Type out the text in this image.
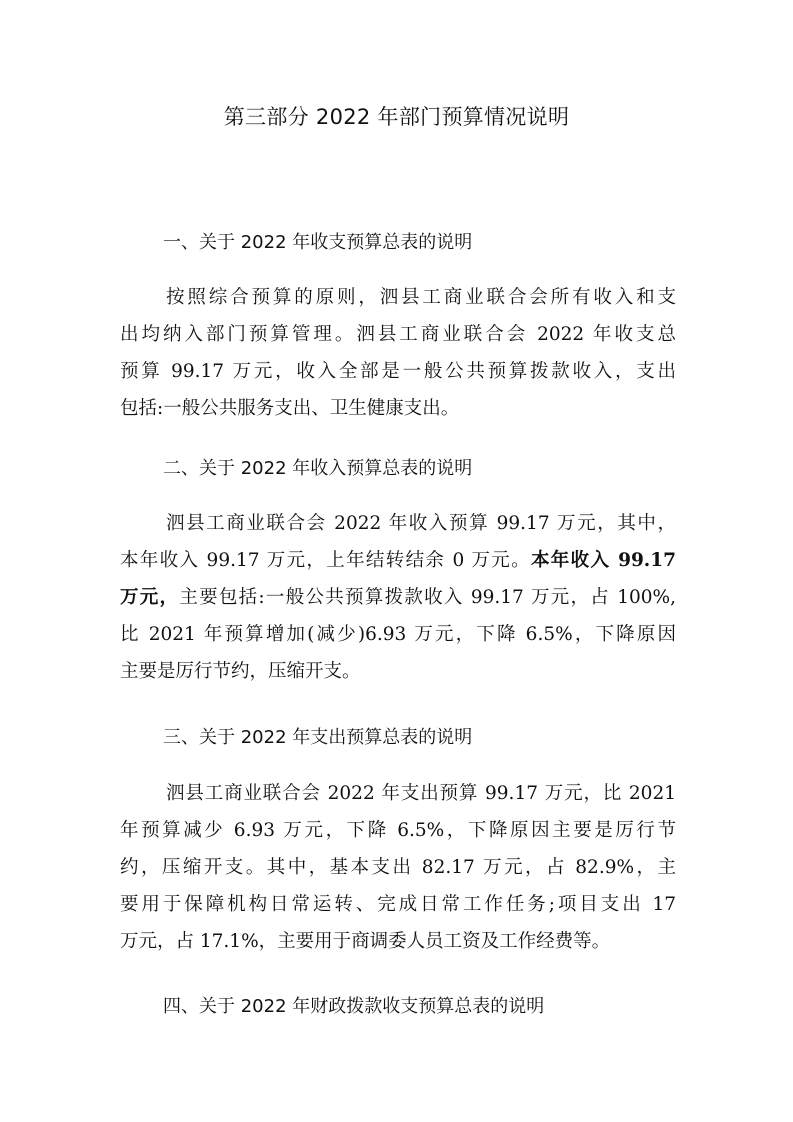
第三部分 2022 年部门预算情况说明
一、关于 2022 年收支预算总表的说明
按照综合预算的原则，泗县工商业联合会所有收入和支
出均纳入部门预算管理。泗县工商业联合会 2022 年收支总
预算 99.17 万元，收入全部是一般公共预算拨款收入，支出
包括:一般公共服务支出、卫生健康支出。
二、关于 2022 年收入预算总表的说明
泗县工商业联合会 2022 年收入预算 99.17 万元，其中，
本年收入 99.17 万元，上年结转结余 0 万元。本年收入 99.17
万元，主要包括:一般公共预算拨款收入 99.17 万元，占 100%,
比 2021 年预算增加(减少)6.93 万元，下降 6.5%，下降原因
主要是厉行节约，压缩开支。
三、关于 2022 年支出预算总表的说明
泗县工商业联合会 2022 年支出预算 99.17 万元，比 2021
年预算减少 6.93 万元，下降 6.5%，下降原因主要是厉行节
约，压缩开支。其中，基本支出 82.17 万元，占 82.9%，主
要用于保障机构日常运转、完成日常工作任务;项目支出 17
万元，占 17.1%，主要用于商调委人员工资及工作经费等。
四、关于 2022 年财政拨款收支预算总表的说明
